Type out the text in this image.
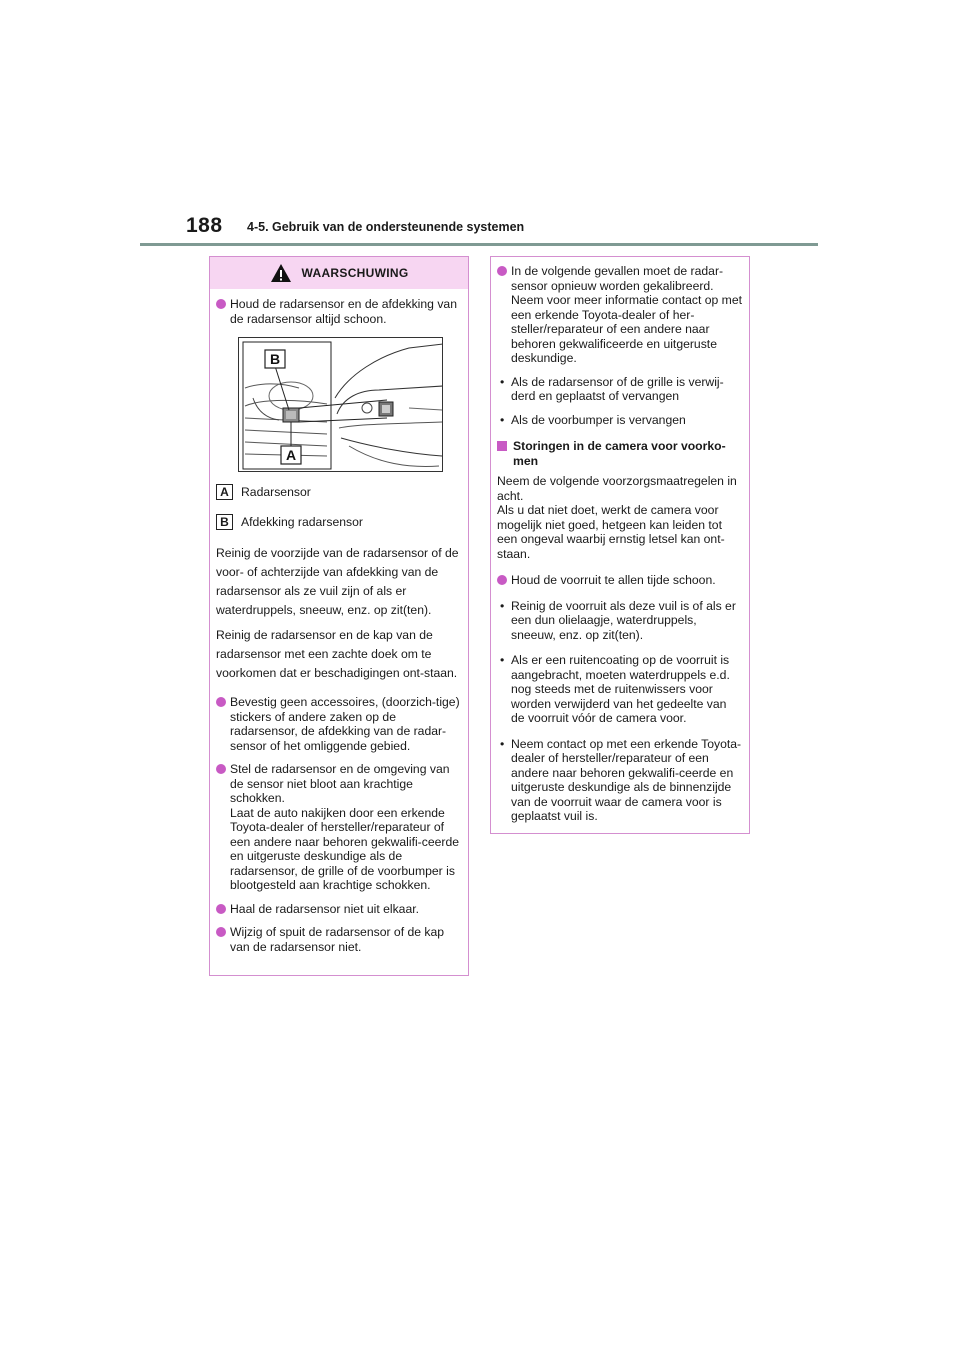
188 4-5. Gebruik van de ondersteunende systemen
WAARSCHUWING
Houd de radarsensor en de afdekking van de radarsensor altijd schoon.
B
A
A Radarsensor
B Afdekking radarsensor
Reinig de voorzijde van de radarsensor of de voor- of achterzijde van afdekking van de radarsensor als ze vuil zijn of als er waterdruppels, sneeuw, enz. op zit(ten).
Reinig de radarsensor en de kap van de radarsensor met een zachte doek om te voorkomen dat er beschadigingen ont-staan.
Bevestig geen accessoires, (doorzich-tige) stickers of andere zaken op de radarsensor, de afdekking van de radar-sensor of het omliggende gebied.
Stel de radarsensor en de omgeving van de sensor niet bloot aan krachtige schokken.
Laat de auto nakijken door een erkende Toyota-dealer of hersteller/reparateur of een andere naar behoren gekwalifi-ceerde en uitgeruste deskundige als de radarsensor, de grille of de voorbumper is blootgesteld aan krachtige schokken.
Haal de radarsensor niet uit elkaar.
Wijzig of spuit de radarsensor of de kap van de radarsensor niet.
In de volgende gevallen moet de radar-sensor opnieuw worden gekalibreerd. Neem voor meer informatie contact op met een erkende Toyota-dealer of her-steller/reparateur of een andere naar behoren gekwalificeerde en uitgeruste deskundige.
• Als de radarsensor of de grille is verwij-derd en geplaatst of vervangen
• Als de voorbumper is vervangen
Storingen in de camera voor voorko-men
Neem de volgende voorzorgsmaatregelen in acht.
Als u dat niet doet, werkt de camera voor mogelijk niet goed, hetgeen kan leiden tot een ongeval waarbij ernstig letsel kan ont-staan.
Houd de voorruit te allen tijde schoon.
• Reinig de voorruit als deze vuil is of als er een dun olielaagje, waterdruppels, sneeuw, enz. op zit(ten).
• Als er een ruitencoating op de voorruit is aangebracht, moeten waterdruppels e.d. nog steeds met de ruitenwissers voor worden verwijderd van het gedeelte van de voorruit vóór de camera voor.
• Neem contact op met een erkende Toyota-dealer of hersteller/reparateur of een andere naar behoren gekwalifi-ceerde en uitgeruste deskundige als de binnenzijde van de voorruit waar de camera voor is geplaatst vuil is.
